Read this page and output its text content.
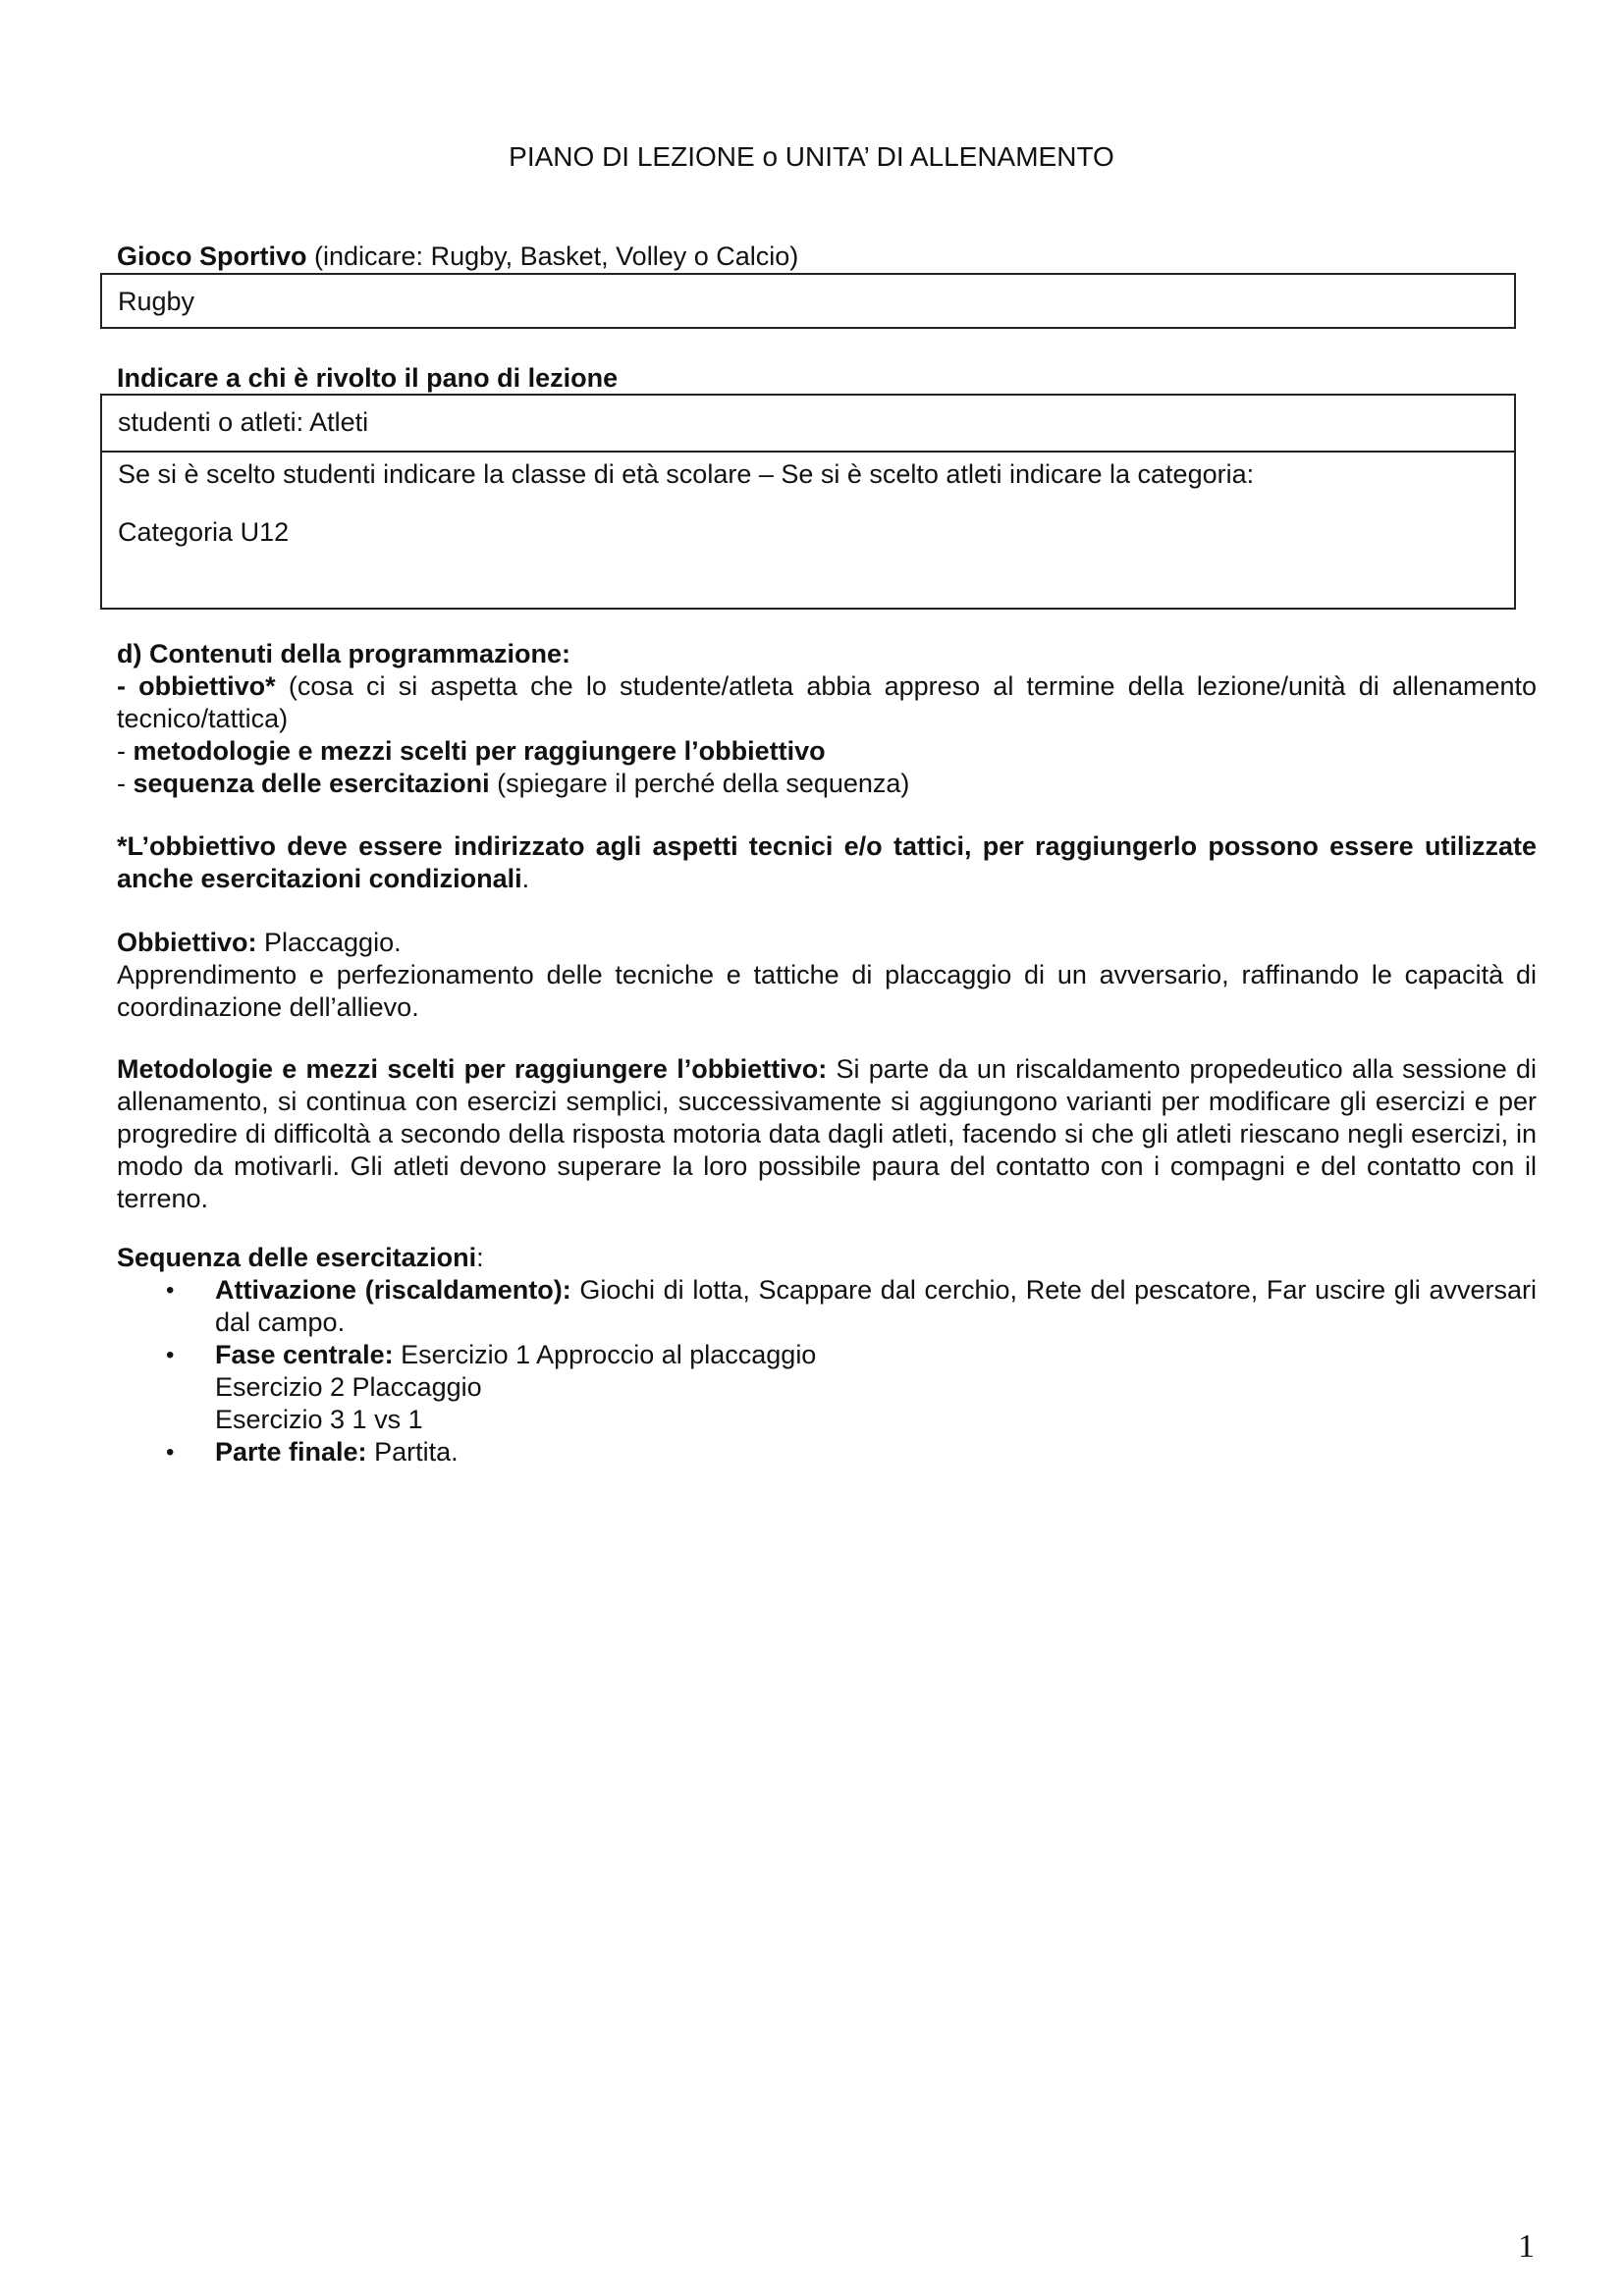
PIANO DI LEZIONE o UNITA’ DI ALLENAMENTO
Gioco Sportivo (indicare: Rugby, Basket, Volley o Calcio)
Rugby
Indicare a chi è rivolto il pano di lezione
studenti o atleti: Atleti
Se si è scelto studenti indicare la classe di età scolare – Se si è scelto atleti indicare la categoria:
Categoria U12
d) Contenuti della programmazione:
- obbiettivo* (cosa ci si aspetta che lo studente/atleta abbia appreso al termine della lezione/unità di allenamento tecnico/tattica)
- metodologie e mezzi scelti per raggiungere l’obbiettivo
- sequenza delle esercitazioni (spiegare il perché della sequenza)
*L’obbiettivo deve essere indirizzato agli aspetti tecnici e/o tattici, per raggiungerlo possono essere utilizzate anche esercitazioni condizionali.
Obbiettivo: Placcaggio.
Apprendimento e perfezionamento delle tecniche e tattiche di placcaggio di un avversario, raffinando le capacità di coordinazione dell’allievo.
Metodologie e mezzi scelti per raggiungere l’obbiettivo: Si parte da un riscaldamento propedeutico alla sessione di allenamento, si continua con esercizi semplici, successivamente si aggiungono varianti per modificare gli esercizi e per progredire di difficoltà a secondo della risposta motoria data dagli atleti, facendo si che gli atleti riescano negli esercizi, in modo da motivarli. Gli atleti devono superare la loro possibile paura del contatto con i compagni e del contatto con il terreno.
Sequenza delle esercitazioni:
• Attivazione (riscaldamento): Giochi di lotta, Scappare dal cerchio, Rete del pescatore, Far uscire gli avversari dal campo.
• Fase centrale: Esercizio 1 Approccio al placcaggio
Esercizio 2 Placcaggio
Esercizio 3 1 vs 1
• Parte finale: Partita.
1
